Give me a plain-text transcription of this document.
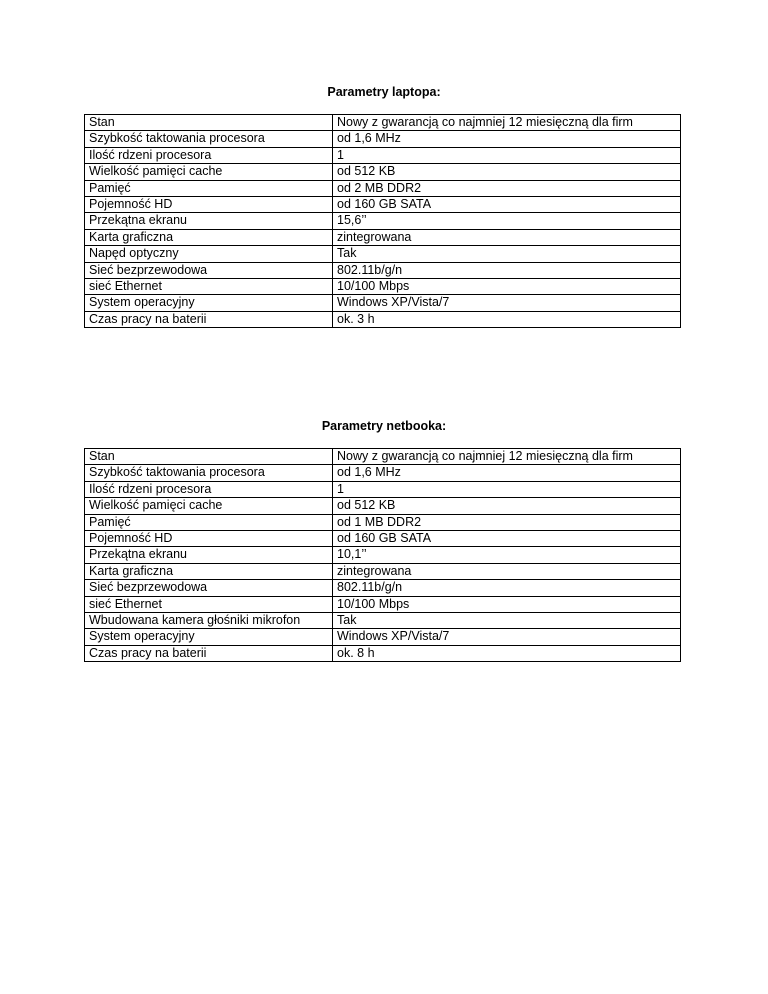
Parametry laptopa:
Stan	Nowy z gwarancją co najmniej 12 miesięczną dla firm
Szybkość taktowania procesora	od 1,6 MHz
Ilość rdzeni procesora	1
Wielkość pamięci cache	od 512 KB
Pamięć	od 2 MB DDR2
Pojemność HD	od 160 GB SATA
Przekątna ekranu	15,6’’
Karta graficzna	zintegrowana
Napęd optyczny	Tak
Sieć bezprzewodowa	802.11b/g/n
sieć Ethernet	10/100 Mbps
System operacyjny	Windows XP/Vista/7
Czas pracy na baterii	ok. 3 h
Parametry netbooka:
Stan	Nowy z gwarancją co najmniej 12 miesięczną dla firm
Szybkość taktowania procesora	od 1,6 MHz
Ilość rdzeni procesora	1
Wielkość pamięci cache	od 512 KB
Pamięć	od 1 MB DDR2
Pojemność HD	od 160 GB SATA
Przekątna ekranu	10,1’’
Karta graficzna	zintegrowana
Sieć bezprzewodowa	802.11b/g/n
sieć Ethernet	10/100 Mbps
Wbudowana kamera głośniki mikrofon	Tak
System operacyjny	Windows XP/Vista/7
Czas pracy na baterii	ok. 8 h
